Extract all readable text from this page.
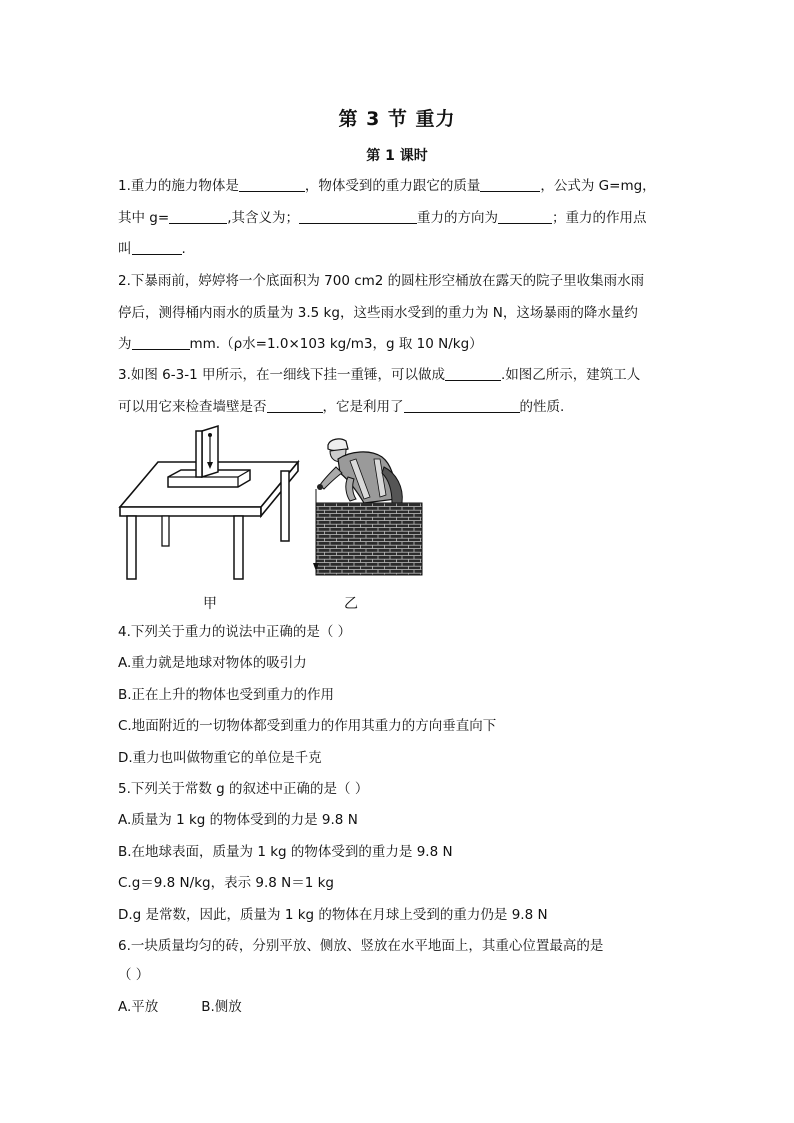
第 3 节 重力
第 1 课时
1.重力的施力物体是	，物体受到的重力跟它的质量	，公式为 G=mg，
其中 g=	,其含义为；	重力的方向为	；重力的作用点
叫	.
2.下暴雨前，婷婷将一个底面积为 700 cm2 的圆柱形空桶放在露天的院子里收集雨水雨
停后，测得桶内雨水的质量为 3.5 kg，这些雨水受到的重力为 N，这场暴雨的降水量约
为	mm.（ρ水=1.0×103 kg/m3，g 取 10 N/kg）
3.如图 6-3-1 甲所示，在一细线下挂一重锤，可以做成	.如图乙所示，建筑工人
可以用它来检查墙壁是否	，它是利用了	的性质.
甲	乙
4.下列关于重力的说法中正确的是（ ）
A.重力就是地球对物体的吸引力
B.正在上升的物体也受到重力的作用
C.地面附近的一切物体都受到重力的作用其重力的方向垂直向下
D.重力也叫做物重它的单位是千克
5.下列关于常数 g 的叙述中正确的是（ ）
A.质量为 1 kg 的物体受到的力是 9.8 N
B.在地球表面，质量为 1 kg 的物体受到的重力是 9.8 N
C.g＝9.8 N/kg，表示 9.8 N＝1 kg
D.g 是常数，因此，质量为 1 kg 的物体在月球上受到的重力仍是 9.8 N
6.一块质量均匀的砖，分别平放、侧放、竖放在水平地面上，其重心位置最高的是
（ ）
A.平放          B.侧放
